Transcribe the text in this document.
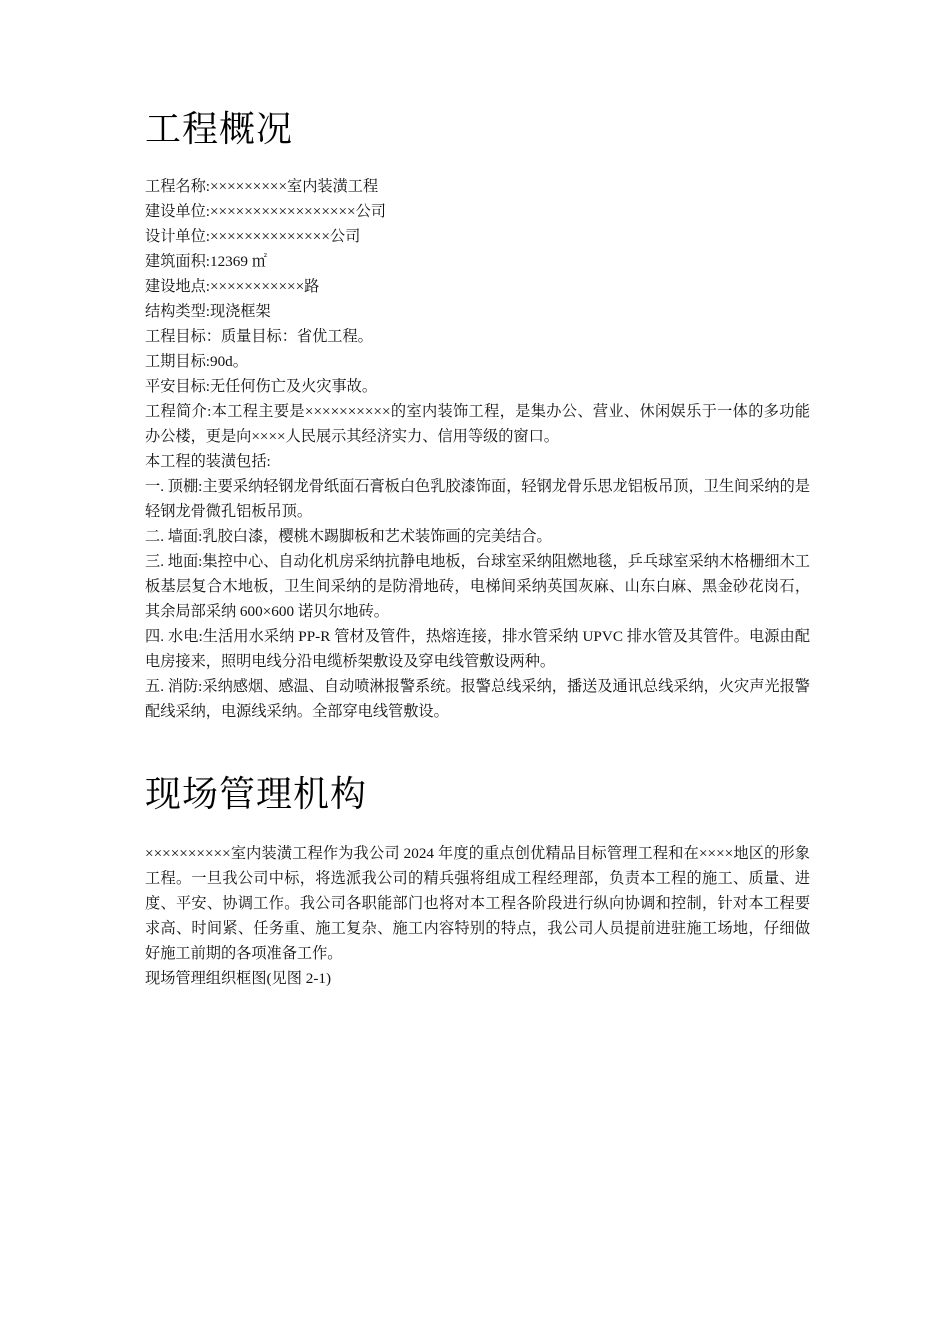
工程概况

工程名称:×××××××××室内装潢工程

建设单位:×××××××××××××××××公司

设计单位:××××××××××××××公司

建筑面积:12369 ㎡

建设地点:×××××××××××路

结构类型:现浇框架

工程目标：质量目标：省优工程。

工期目标:90d。

平安目标:无任何伤亡及火灾事故。

工程简介:本工程主要是××××××××××的室内装饰工程，是集办公、营业、休闲娱乐于一体的多功能办公楼，更是向××××人民展示其经济实力、信用等级的窗口。

本工程的装潢包括:

一. 顶棚:主要采纳轻钢龙骨纸面石膏板白色乳胶漆饰面，轻钢龙骨乐思龙铝板吊顶，卫生间采纳的是轻钢龙骨微孔铝板吊顶。

二. 墙面:乳胶白漆，樱桃木踢脚板和艺术装饰画的完美结合。

三. 地面:集控中心、自动化机房采纳抗静电地板，台球室采纳阻燃地毯，乒乓球室采纳木格栅细木工板基层复合木地板，卫生间采纳的是防滑地砖，电梯间采纳英国灰麻、山东白麻、黑金砂花岗石，其余局部采纳 600×600 诺贝尔地砖。

四. 水电:生活用水采纳 PP-R 管材及管件，热熔连接，排水管采纳 UPVC 排水管及其管件。电源由配电房接来，照明电线分沿电缆桥架敷设及穿电线管敷设两种。

五. 消防:采纳感烟、感温、自动喷淋报警系统。报警总线采纳，播送及通讯总线采纳，火灾声光报警配线采纳，电源线采纳。全部穿电线管敷设。

现场管理机构

××××××××××室内装潢工程作为我公司 2024 年度的重点创优精品目标管理工程和在××××地区的形象工程。一旦我公司中标，将选派我公司的精兵强将组成工程经理部，负责本工程的施工、质量、进度、平安、协调工作。我公司各职能部门也将对本工程各阶段进行纵向协调和控制，针对本工程要求高、时间紧、任务重、施工复杂、施工内容特别的特点，我公司人员提前进驻施工场地，仔细做好施工前期的各项准备工作。

现场管理组织框图(见图 2-1)
